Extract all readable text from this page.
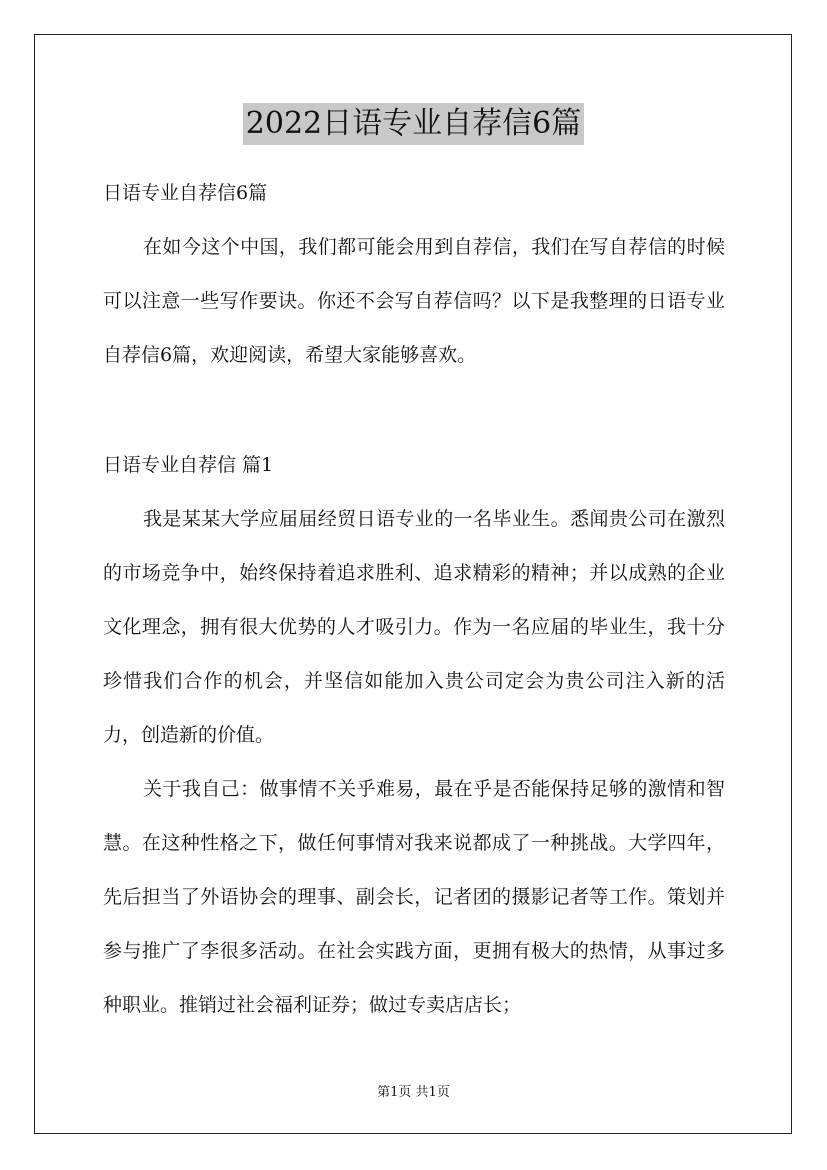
2022日语专业自荐信6篇
日语专业自荐信6篇
在如今这个中国，我们都可能会用到自荐信，我们在写自荐信的时候可以注意一些写作要诀。你还不会写自荐信吗？以下是我整理的日语专业自荐信6篇，欢迎阅读，希望大家能够喜欢。
日语专业自荐信 篇1
我是某某大学应届届经贸日语专业的一名毕业生。悉闻贵公司在激烈的市场竞争中，始终保持着追求胜利、追求精彩的精神；并以成熟的企业文化理念，拥有很大优势的人才吸引力。作为一名应届的毕业生，我十分珍惜我们合作的机会，并坚信如能加入贵公司定会为贵公司注入新的活力，创造新的价值。
关于我自己：做事情不关乎难易，最在乎是否能保持足够的激情和智慧。在这种性格之下，做任何事情对我来说都成了一种挑战。大学四年，先后担当了外语协会的理事、副会长，记者团的摄影记者等工作。策划并参与推广了李很多活动。在社会实践方面，更拥有极大的热情，从事过多种职业。推销过社会福利证券；做过专卖店店长；
第1页 共1页
